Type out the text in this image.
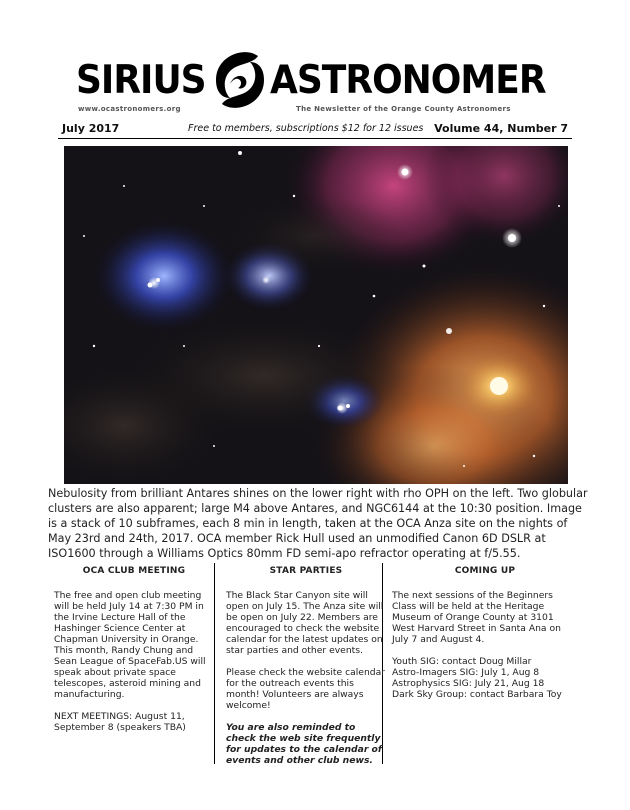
SIRIUS ASTRONOMER
www.ocastronomers.org	The Newsletter of the Orange County Astronomers
July 2017	Free to members, subscriptions $12 for 12 issues Volume 44, Number 7
Nebulosity from brilliant Antares shines on the lower right with rho OPH on the left. Two globular clusters are also apparent; large M4 above Antares, and NGC6144 at the 10:30 position. Image is a stack of 10 subframes, each 8 min in length, taken at the OCA Anza site on the nights of May 23rd and 24th, 2017. OCA member Rick Hull used an unmodified Canon 6D DSLR at ISO1600 through a Williams Optics 80mm FD semi-apo refractor operating at f/5.55.
OCA CLUB MEETING

The free and open club meeting will be held July 14 at 7:30 PM in the Irvine Lecture Hall of the Hashinger Science Center at Chapman University in Orange. This month, Randy Chung and Sean League of SpaceFab.US will speak about private space telescopes, asteroid mining and manufacturing.

NEXT MEETINGS: August 11, September 8 (speakers TBA)

STAR PARTIES

The Black Star Canyon site will open on July 15. The Anza site will be open on July 22. Members are encouraged to check the website calendar for the latest updates on star parties and other events.

Please check the website calendar for the outreach events this month! Volunteers are always welcome!

You are also reminded to check the web site frequently for updates to the calendar of events and other club news.

COMING UP

The next sessions of the Beginners Class will be held at the Heritage Museum of Orange County at 3101 West Harvard Street in Santa Ana on July 7 and August 4.

Youth SIG: contact Doug Millar
Astro-Imagers SIG: July 1, Aug 8
Astrophysics SIG: July 21, Aug 18
Dark Sky Group: contact Barbara Toy
